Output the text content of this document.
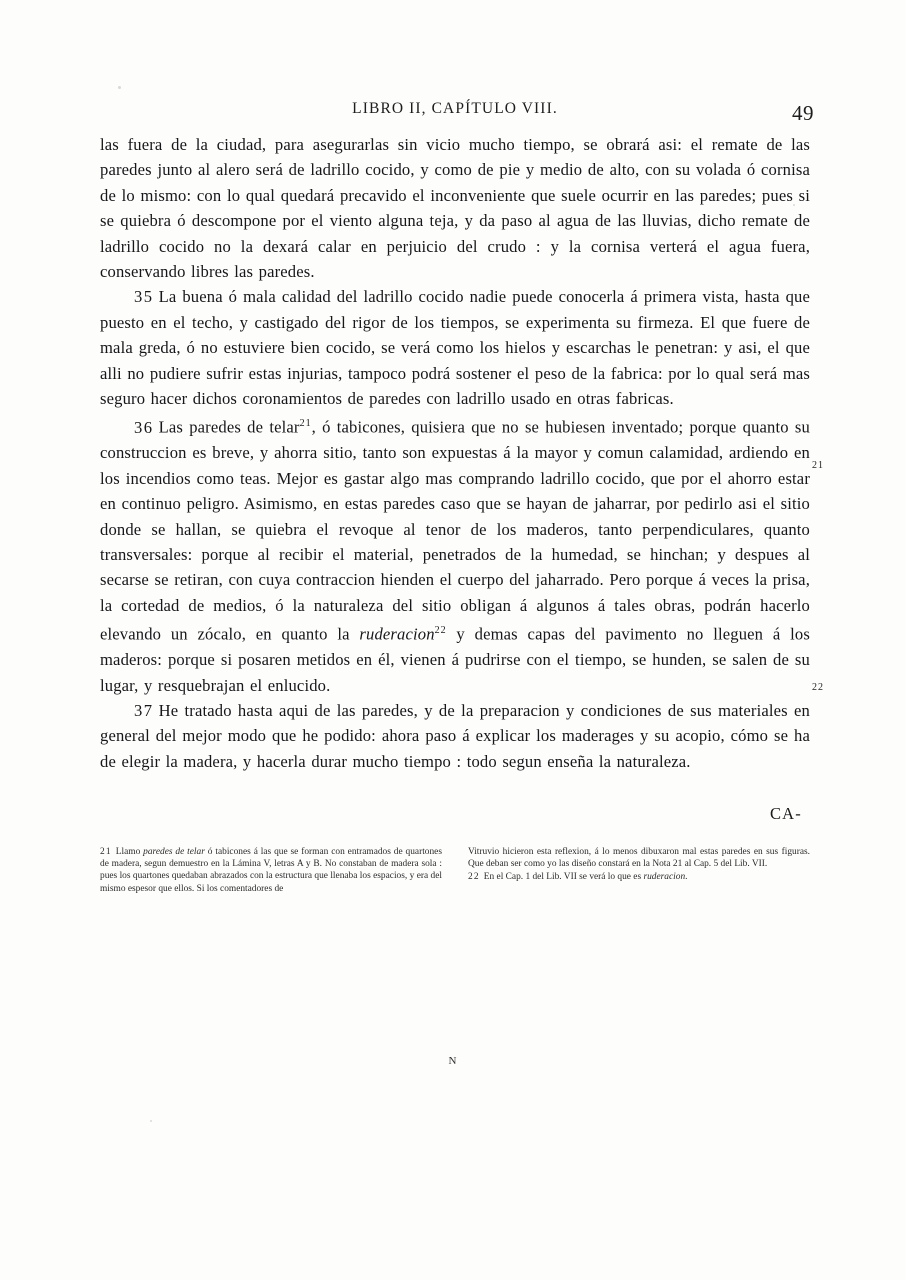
LIBRO II, CAPÍTULO VIII.	49

las fuera de la ciudad, para asegurarlas sin vicio mucho tiempo, se obrará asi: el remate de las paredes junto al alero será de ladrillo cocido, y como de pie y medio de alto, con su volada ó cornisa de lo mismo: con lo qual quedará precavido el inconveniente que suele ocurrir en las paredes; pues si se quiebra ó descompone por el viento alguna teja, y da paso al agua de las lluvias, dicho remate de ladrillo cocido no la dexará calar en perjuicio del crudo : y la cornisa verterá el agua fuera, conservando libres las paredes.

35 La buena ó mala calidad del ladrillo cocido nadie puede conocerla á primera vista, hasta que puesto en el techo, y castigado del rigor de los tiempos, se experimenta su firmeza. El que fuere de mala greda, ó no estuviere bien cocido, se verá como los hielos y escarchas le penetran: y asi, el que alli no pudiere sufrir estas injurias, tampoco podrá sostener el peso de la fabrica: por lo qual será mas seguro hacer dichos coronamientos de paredes con ladrillo usado en otras fabricas.

36 Las paredes de telar$^{21}$, ó tabicones, quisiera que no se hubiesen inventado; porque quanto su construccion es breve, y ahorra sitio, tanto son expuestas á la mayor y comun calamidad, ardiendo en los incendios como teas. Mejor es gastar algo mas comprando ladrillo cocido, que por el ahorro estar en continuo peligro. Asimismo, en estas paredes caso que se hayan de jaharrar, por pedirlo asi el sitio donde se hallan, se quiebra el revoque al tenor de los maderos, tanto perpendiculares, quanto transversales: porque al recibir el material, penetrados de la humedad, se hinchan; y despues al secarse se retiran, con cuya contraccion hienden el cuerpo del jaharrado. Pero porque á veces la prisa, la cortedad de medios, ó la naturaleza del sitio obligan á algunos á tales obras, podrán hacerlo elevando un zócalo, en quanto la ruderacion$^{22}$ y demas capas del pavimento no lleguen á los maderos: porque si posaren metidos en él, vienen á pudrirse con el tiempo, se hunden, se salen de su lugar, y resquebrajan el enlucido.

37 He tratado hasta aqui de las paredes, y de la preparacion y condiciones de sus materiales en general del mejor modo que he podido: ahora paso á explicar los maderages y su acopio, cómo se ha de elegir la madera, y hacerla durar mucho tiempo : todo segun enseña la naturaleza.

CA-

21 Llamo paredes de telar ó tabicones á las que se forman con entramados de quartones de madera, segun demuestro en la Lámina V, letras A y B. No constaban de madera sola : pues los quartones quedaban abrazados con la estructura que llenaba los espacios, y era del mismo espesor que ellos. Si los comentadores de

Vitruvio hicieron esta reflexion, á lo menos dibuxaron mal estas paredes en sus figuras. Que deban ser como yo las diseño constará en la Nota 21 al Cap. 5 del Lib. VII.

22 En el Cap. 1 del Lib. VII se verá lo que es ruderacion.

21
22
N
